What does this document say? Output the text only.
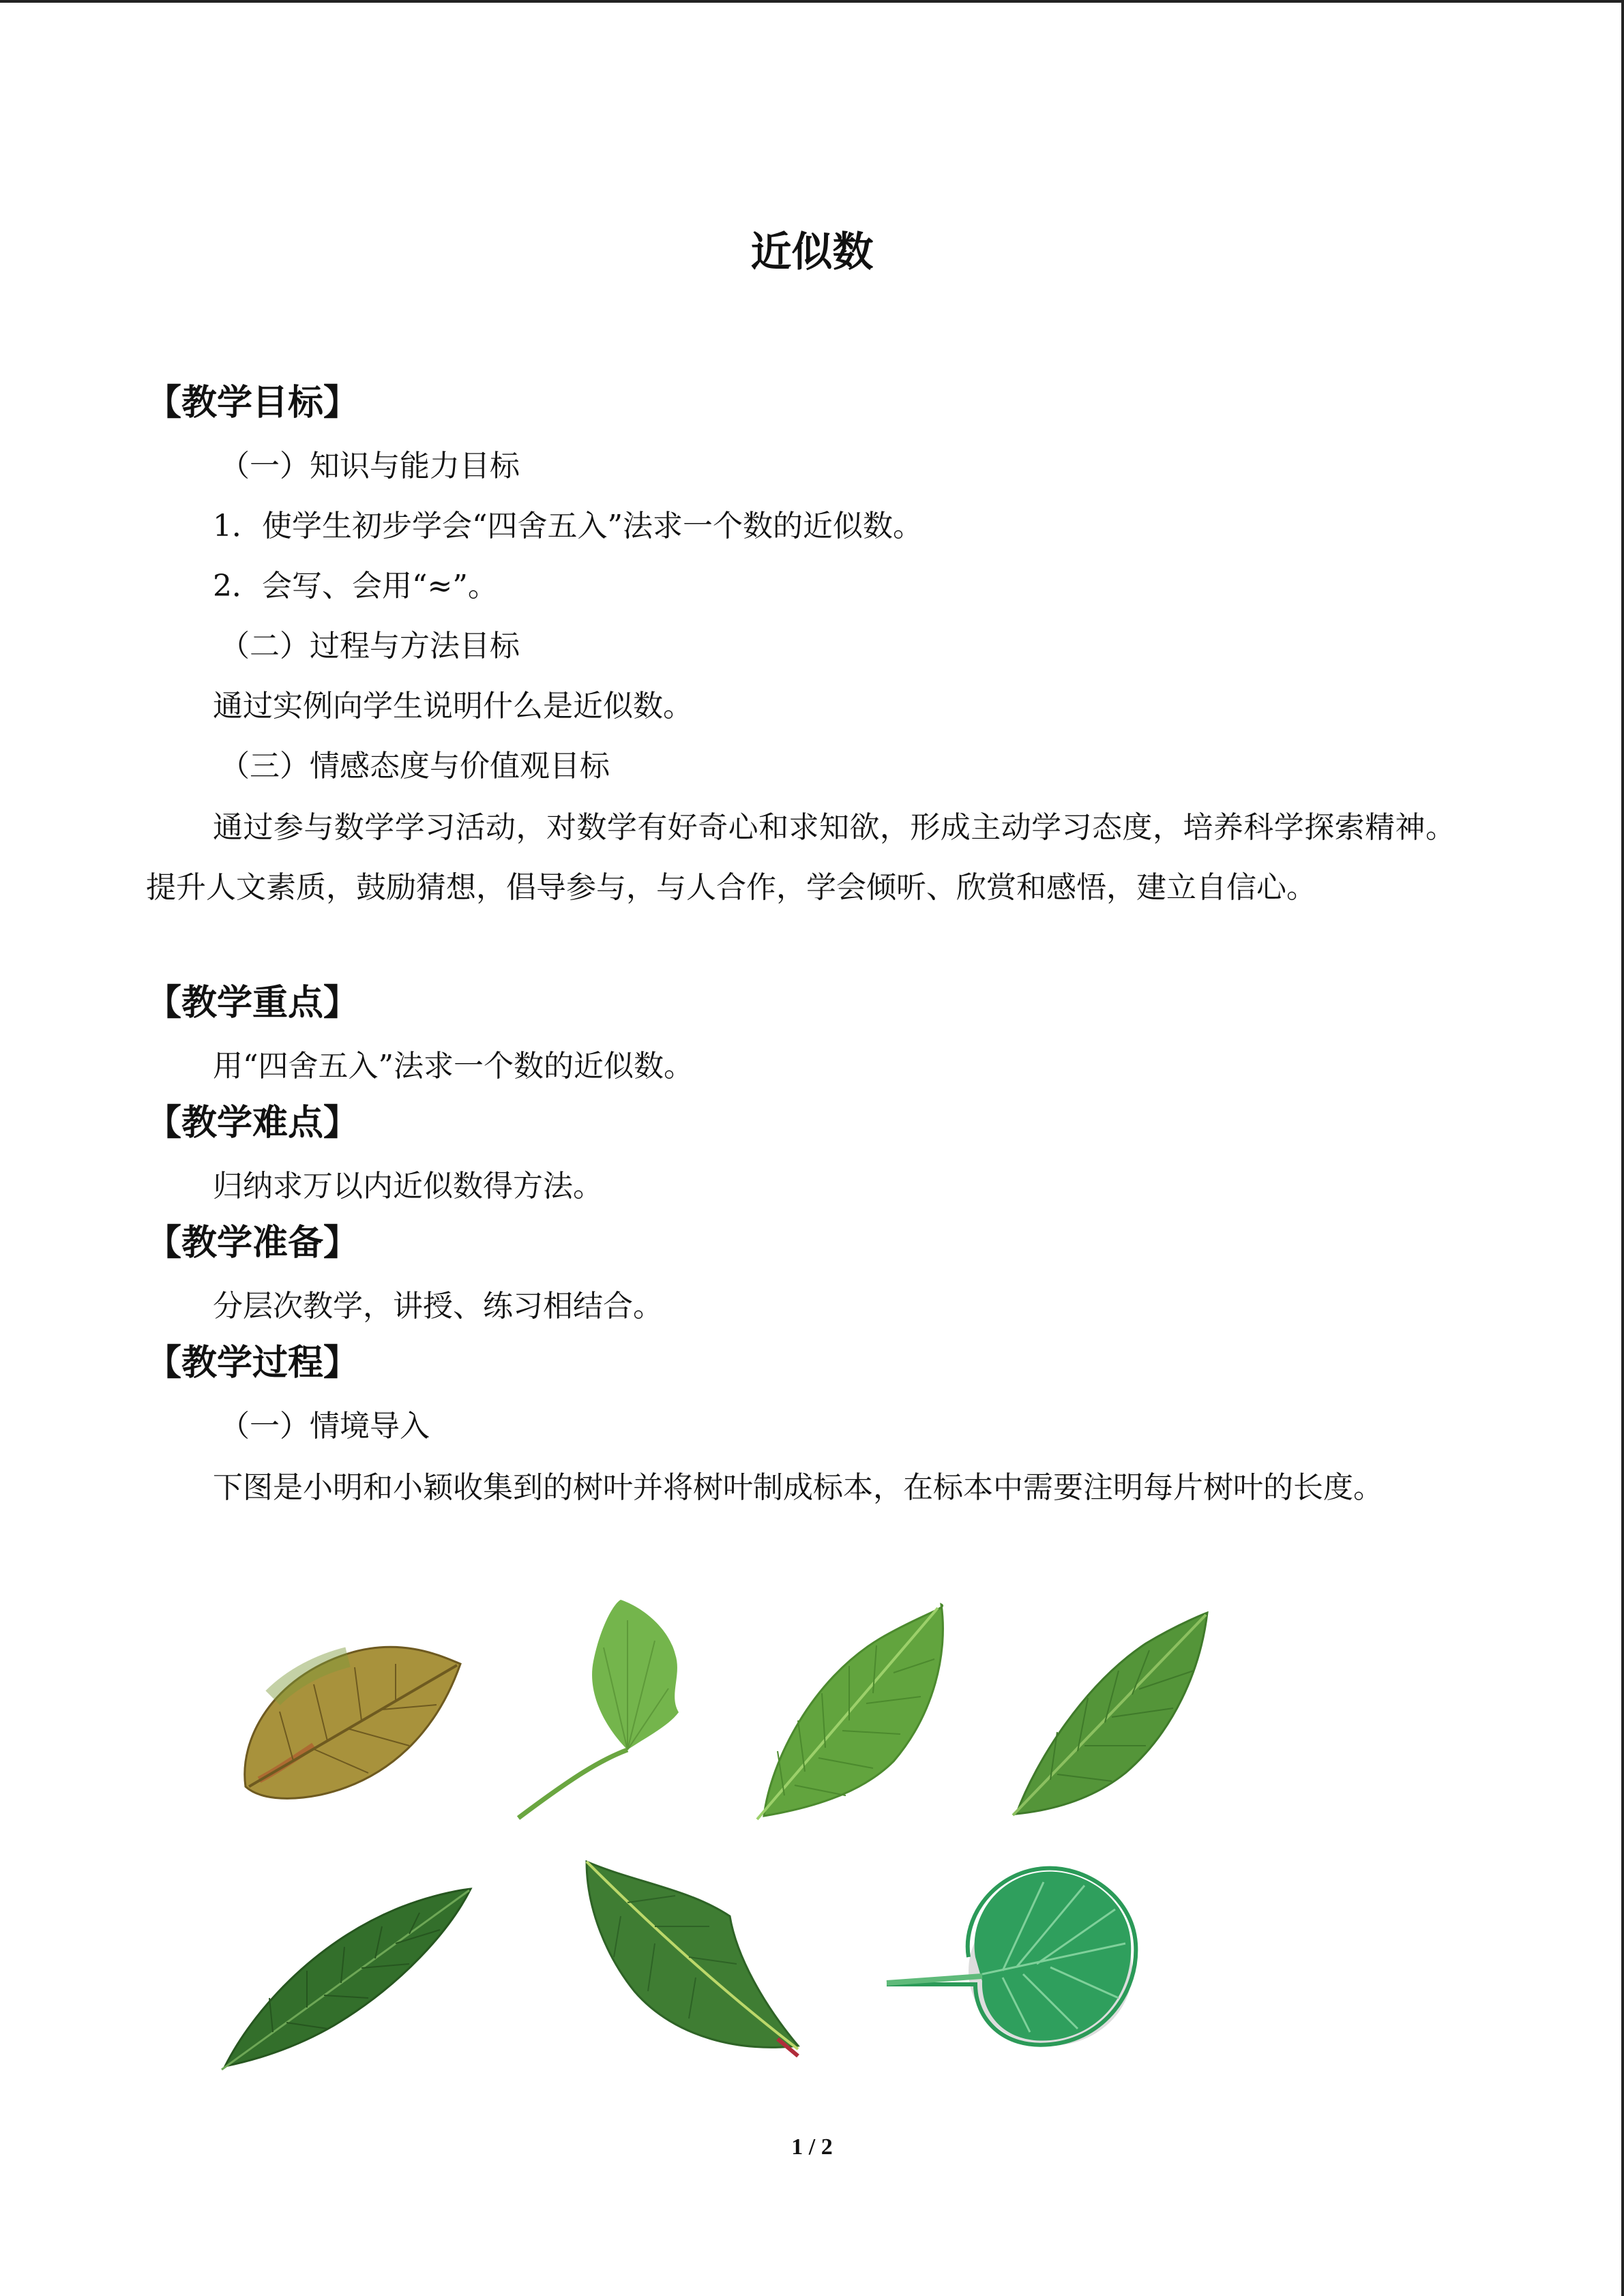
近似数
【教学目标】
（一）知识与能力目标
1．使学生初步学会“四舍五入”法求一个数的近似数。
2．会写、会用“≈”。
（二）过程与方法目标
通过实例向学生说明什么是近似数。
（三）情感态度与价值观目标
通过参与数学学习活动，对数学有好奇心和求知欲，形成主动学习态度，培养科学探索精神。提升人文素质，鼓励猜想，倡导参与，与人合作，学会倾听、欣赏和感悟，建立自信心。
【教学重点】
用“四舍五入”法求一个数的近似数。
【教学难点】
归纳求万以内近似数得方法。
【教学准备】
分层次教学，讲授、练习相结合。
【教学过程】
（一）情境导入
下图是小明和小颖收集到的树叶并将树叶制成标本，在标本中需要注明每片树叶的长度。
1 / 2
